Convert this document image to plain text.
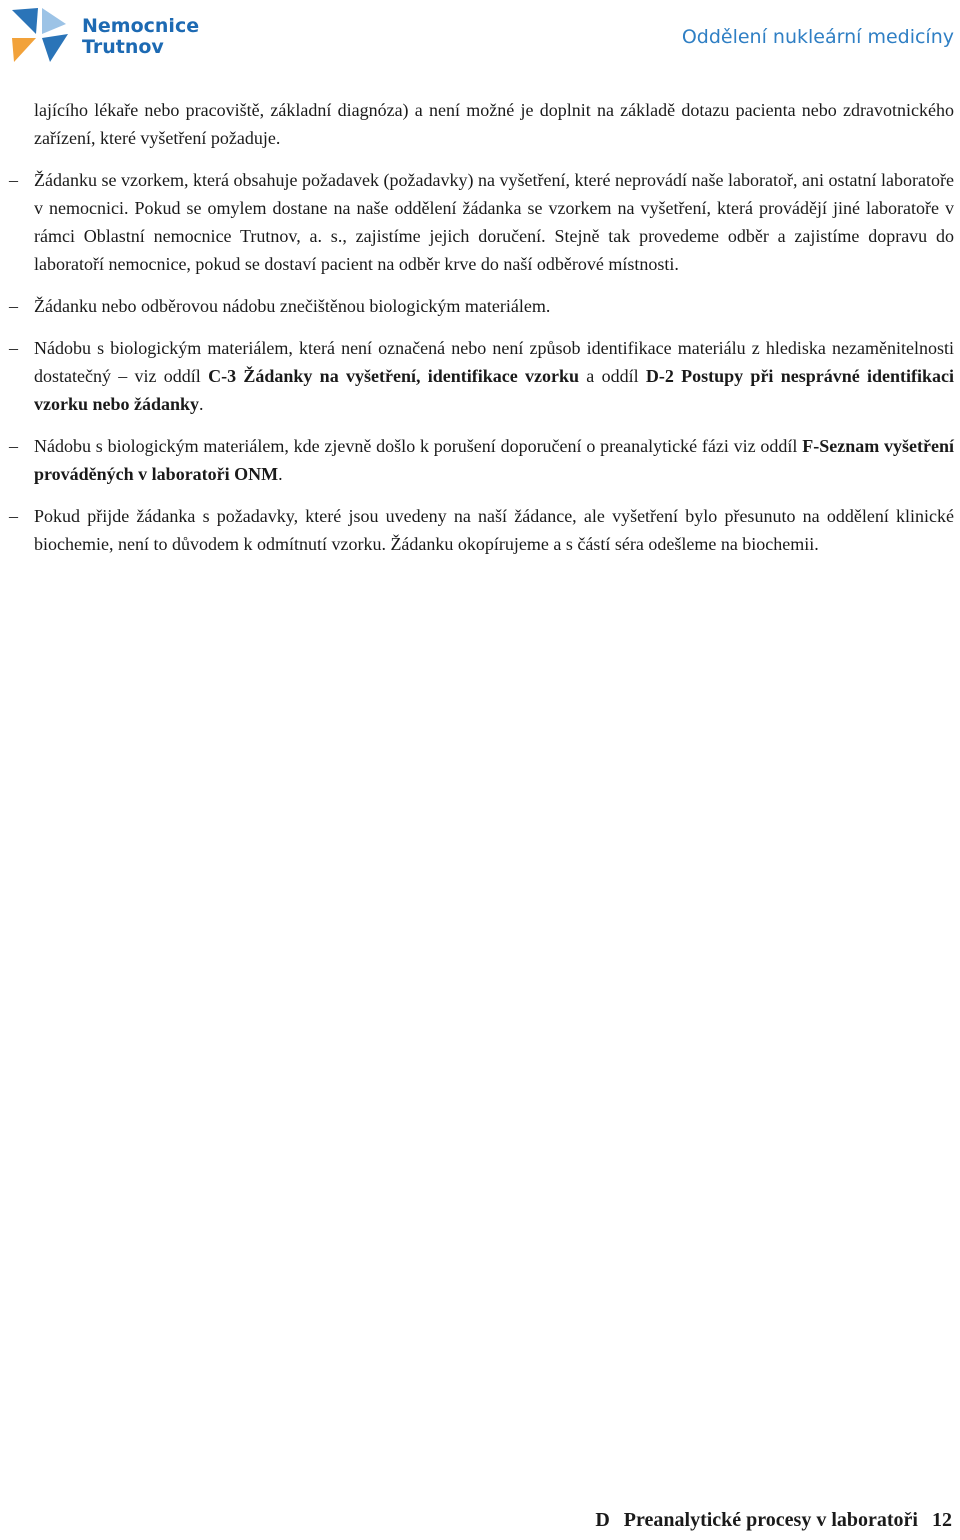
Nemocnice
Trutnov	Oddělení nukleární medicíny

lajícího lékaře nebo pracoviště, základní diagnóza) a není možné je doplnit na základě dotazu pacienta nebo zdravotnického zařízení, které vyšetření požaduje.

– Žádanku se vzorkem, která obsahuje požadavek (požadavky) na vyšetření, které neprovádí naše laboratoř, ani ostatní laboratoře v nemocnici. Pokud se omylem dostane na naše oddělení žádanka se vzorkem na vyšetření, která provádějí jiné laboratoře v rámci Oblastní nemocnice Trutnov, a. s., zajistíme jejich doručení. Stejně tak provedeme odběr a zajistíme dopravu do laboratoří nemocnice, pokud se dostaví pacient na odběr krve do naší odběrové místnosti.

– Žádanku nebo odběrovou nádobu znečištěnou biologickým materiálem.

– Nádobu s biologickým materiálem, která není označená nebo není způsob identifikace materiálu z hlediska nezaměnitelnosti dostatečný – viz oddíl C-3 Žádanky na vyšetření, identifikace vzorku a oddíl D-2 Postupy při nesprávné identifikaci vzorku nebo žádanky.

– Nádobu s biologickým materiálem, kde zjevně došlo k porušení doporučení o preanalytické fázi viz oddíl F-Seznam vyšetření prováděných v laboratoři ONM.

– Pokud přijde žádanka s požadavky, které jsou uvedeny na naší žádance, ale vyšetření bylo přesunuto na oddělení klinické biochemie, není to důvodem k odmítnutí vzorku. Žádanku okopírujeme a s částí séra odešleme na biochemii.

D Preanalytické procesy v laboratoři 12
